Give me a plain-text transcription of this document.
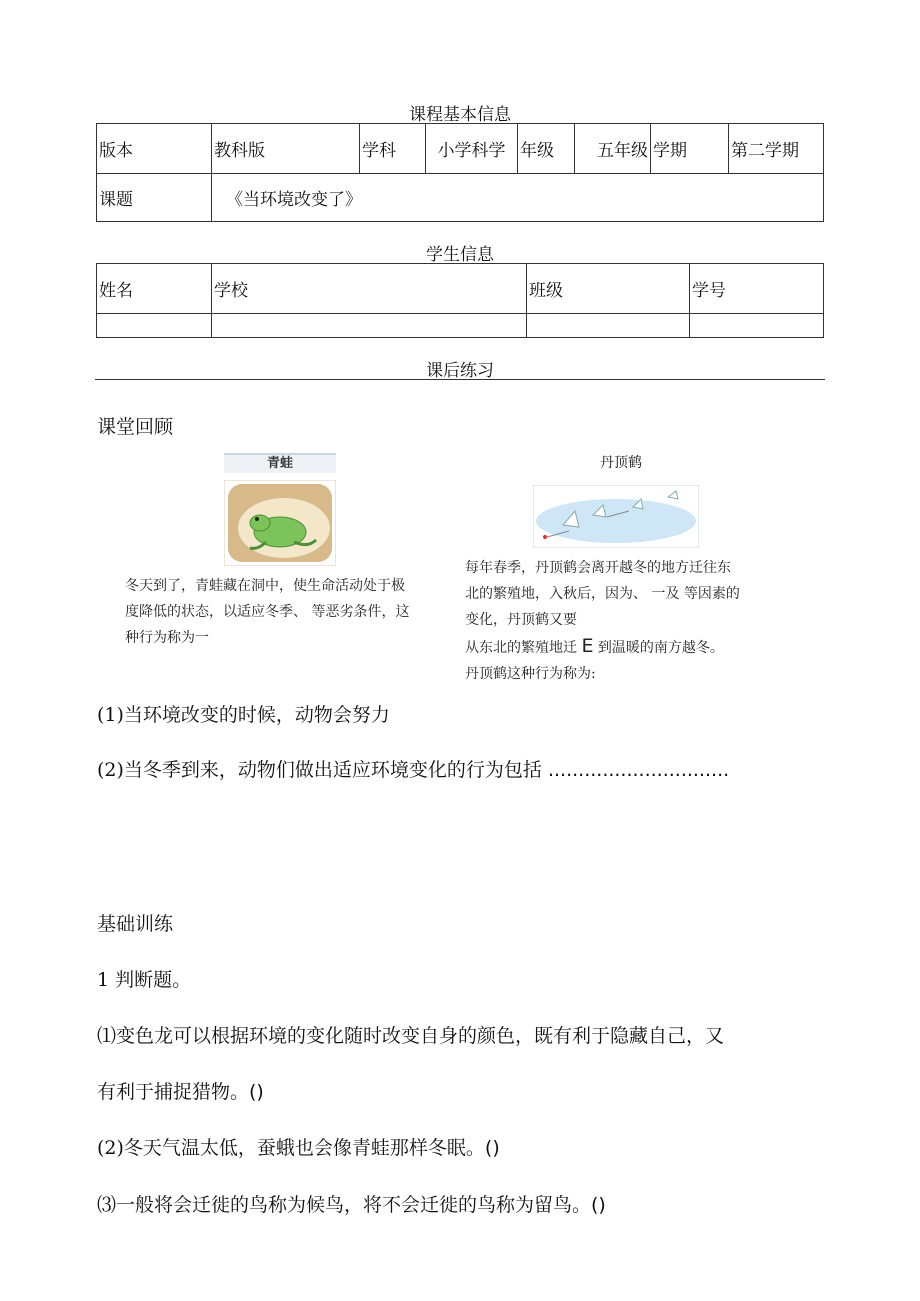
课程基本信息
版本	教科版	学科	小学科学	年级	五年级	学期	第二学期
课题	《当环境改变了》						
学生信息
姓名	学校	班级	学号

课后练习
课堂回顾
青蛙
冬天到了，青蛙藏在洞中，使生命活动处于极
度降低的状态，以适应冬季、 等恶劣条件，这
种行为称为一
丹顶鹤
每年春季，丹顶鹤会离开越冬的地方迁往东
北的繁殖地，入秋后，因为、 一及 等因素的
变化，丹顶鹤又要
从东北的繁殖地迁 E 到温暖的南方越冬。
丹顶鹤这种行为称为:
(1)当环境改变的时候，动物会努力
(2)当冬季到来，动物们做出适应环境变化的行为包括 ..............................
基础训练
1 判断题。
⑴变色龙可以根据环境的变化随时改变自身的颜色，既有利于隐藏自己，又
有利于捕捉猎物。()
(2)冬天气温太低，蚕蛾也会像青蛙那样冬眠。()
⑶一般将会迁徙的鸟称为候鸟，将不会迁徙的鸟称为留鸟。()
